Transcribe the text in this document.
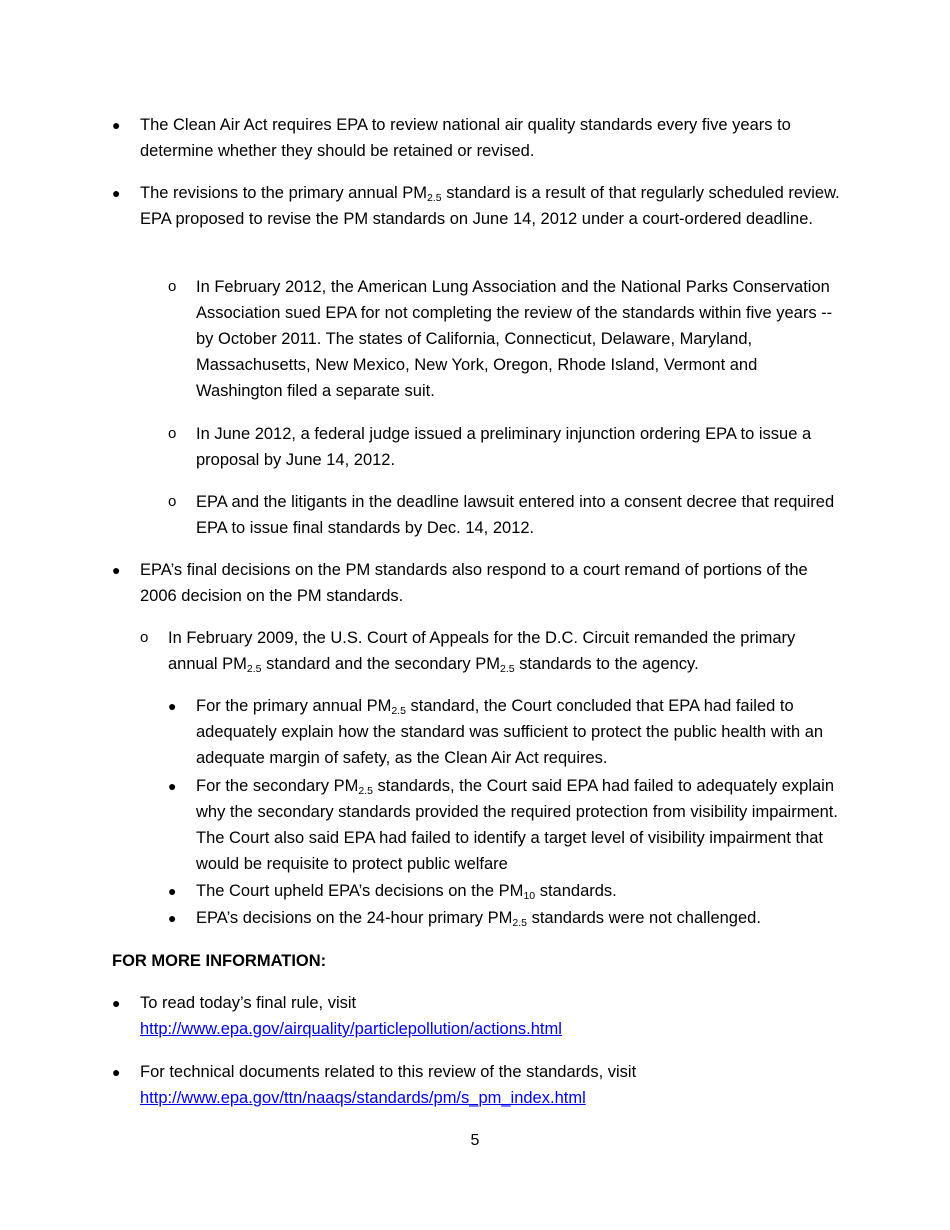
● The Clean Air Act requires EPA to review national air quality standards every five years to determine whether they should be retained or revised.
● The revisions to the primary annual $PM_{2.5}$ standard is a result of that regularly scheduled review. EPA proposed to revise the PM standards on June 14, 2012 under a court-ordered deadline.
o In February 2012, the American Lung Association and the National Parks Conservation Association sued EPA for not completing the review of the standards within five years -- by October 2011. The states of California, Connecticut, Delaware, Maryland, Massachusetts, New Mexico, New York, Oregon, Rhode Island, Vermont and Washington filed a separate suit.
o In June 2012, a federal judge issued a preliminary injunction ordering EPA to issue a proposal by June 14, 2012.
o EPA and the litigants in the deadline lawsuit entered into a consent decree that required EPA to issue final standards by Dec. 14, 2012.
● EPA’s final decisions on the PM standards also respond to a court remand of portions of the 2006 decision on the PM standards.
o In February 2009, the U.S. Court of Appeals for the D.C. Circuit remanded the primary annual $PM_{2.5}$ standard and the secondary $PM_{2.5}$ standards to the agency.
● For the primary annual $PM_{2.5}$ standard, the Court concluded that EPA had failed to adequately explain how the standard was sufficient to protect the public health with an adequate margin of safety, as the Clean Air Act requires.
● For the secondary $PM_{2.5}$ standards, the Court said EPA had failed to adequately explain why the secondary standards provided the required protection from visibility impairment. The Court also said EPA had failed to identify a target level of visibility impairment that would be requisite to protect public welfare
● The Court upheld EPA’s decisions on the $PM_{10}$ standards.
● EPA’s decisions on the 24-hour primary $PM_{2.5}$ standards were not challenged.
FOR MORE INFORMATION:
● To read today’s final rule, visit
http://www.epa.gov/airquality/particlepollution/actions.html
● For technical documents related to this review of the standards, visit
http://www.epa.gov/ttn/naaqs/standards/pm/s_pm_index.html
5
